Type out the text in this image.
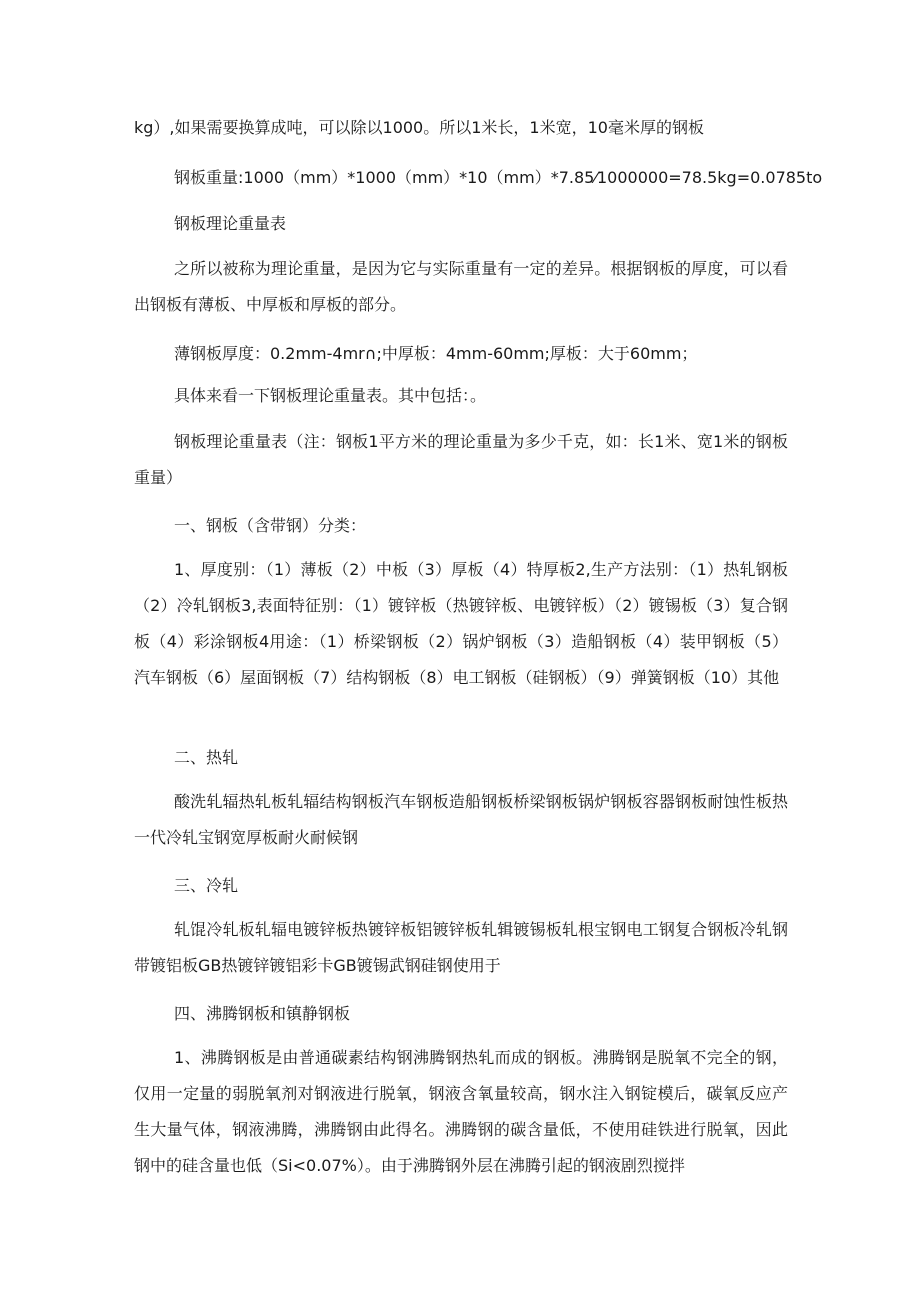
kg）,如果需要换算成吨，可以除以1000。所以1米长，1米宽，10毫米厚的钢板

钢板重量:1000（mm）*1000（mm）*10（mm）*7.85⁄1000000=78.5kg=0.0785to

钢板理论重量表

之所以被称为理论重量，是因为它与实际重量有一定的差异。根据钢板的厚度，可以看出钢板有薄板、中厚板和厚板的部分。

薄钢板厚度：0.2mm-4mr∩;中厚板：4mm-60mm;厚板：大于60mm；

具体来看一下钢板理论重量表。其中包括：。

钢板理论重量表（注：钢板1平方米的理论重量为多少千克，如：长1米、宽1米的钢板重量）

一、钢板（含带钢）分类：

1、厚度别：（1）薄板（2）中板（3）厚板（4）特厚板2,生产方法别：（1）热轧钢板（2）冷轧钢板3,表面特征别：（1）镀锌板（热镀锌板、电镀锌板）（2）镀锡板（3）复合钢板（4）彩涂钢板4用途：（1）桥梁钢板（2）锅炉钢板（3）造船钢板（4）装甲钢板（5）汽车钢板（6）屋面钢板（7）结构钢板（8）电工钢板（硅钢板）（9）弹簧钢板（10）其他

二、热轧

酸洗轧辐热轧板轧辐结构钢板汽车钢板造船钢板桥梁钢板锅炉钢板容器钢板耐蚀性板热一代冷轧宝钢宽厚板耐火耐候钢

三、冷轧

轧馄冷轧板轧辐电镀锌板热镀锌板铝镀锌板轧辑镀锡板轧根宝钢电工钢复合钢板冷轧钢带镀铝板GB热镀锌镀铝彩卡GB镀锡武钢硅钢使用于

四、沸腾钢板和镇静钢板

1、沸腾钢板是由普通碳素结构钢沸腾钢热轧而成的钢板。沸腾钢是脱氧不完全的钢，仅用一定量的弱脱氧剂对钢液进行脱氧，钢液含氧量较高，钢水注入钢锭模后，碳氧反应产生大量气体，钢液沸腾，沸腾钢由此得名。沸腾钢的碳含量低，不使用硅铁进行脱氧，因此钢中的硅含量也低（Si<0.07%）。由于沸腾钢外层在沸腾引起的钢液剧烈搅拌
